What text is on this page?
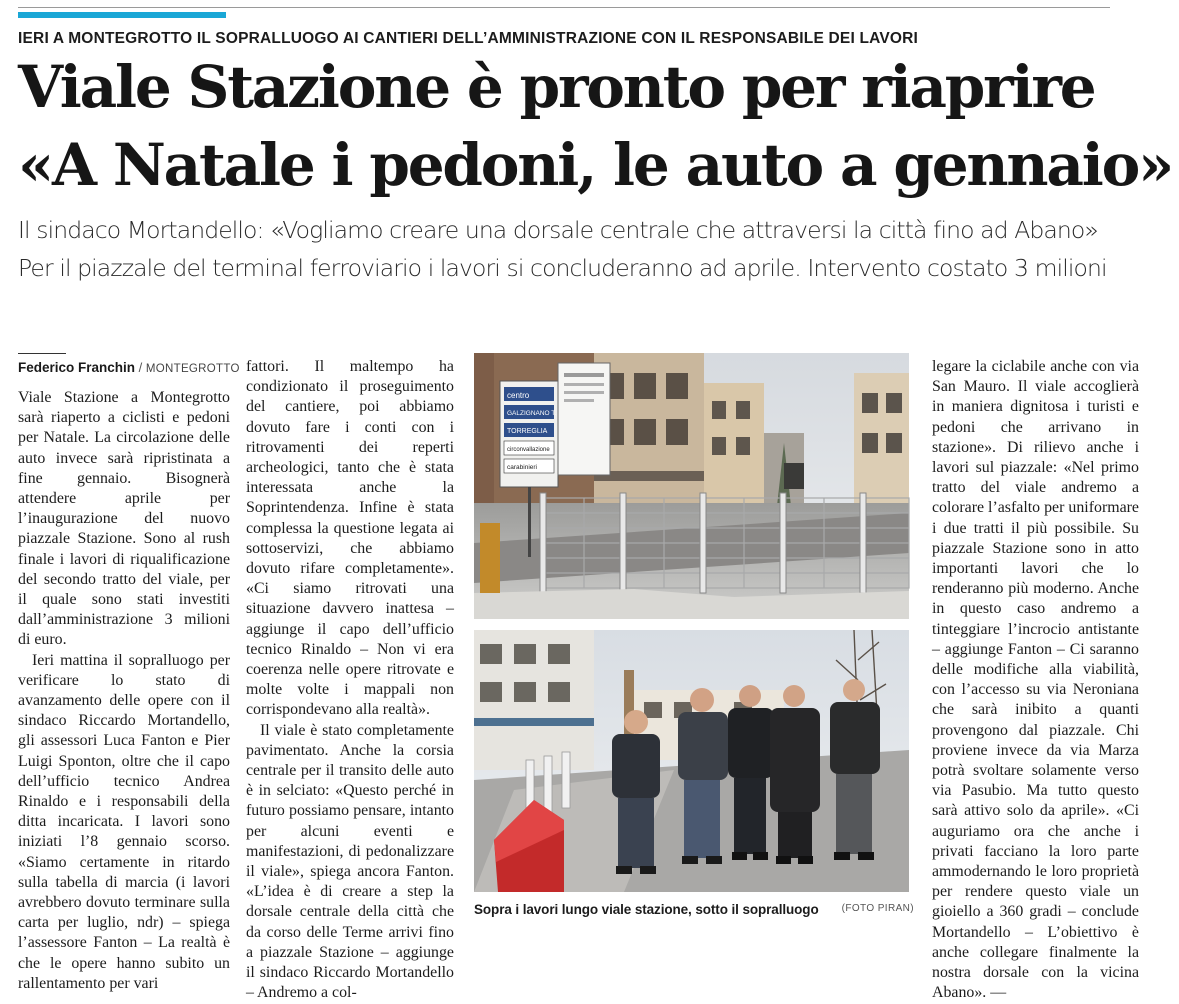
IERI A MONTEGROTTO IL SOPRALLUOGO AI CANTIERI DELL’AMMINISTRAZIONE CON IL RESPONSABILE DEI LAVORI
Viale Stazione è pronto per riaprire
«A Natale i pedoni, le auto a gennaio»
Il sindaco Mortandello: «Vogliamo creare una dorsale centrale che attraversi la città fino ad Abano»
Per il piazzale del terminal ferroviario i lavori si concluderanno ad aprile. Intervento costato 3 milioni
Federico Franchin / MONTEGROTTO

Viale Stazione a Montegrotto sarà riaperto a ciclisti e pedoni per Natale. La circolazione delle auto invece sarà ripristinata a fine gennaio. Bisognerà attendere aprile per l’inaugurazione del nuovo piazzale Stazione. Sono al rush finale i lavori di riqualificazione del secondo tratto del viale, per il quale sono stati investiti dall’amministrazione 3 milioni di euro.

Ieri mattina il sopralluogo per verificare lo stato di avanzamento delle opere con il sindaco Riccardo Mortandello, gli assessori Luca Fanton e Pier Luigi Sponton, oltre che il capo dell’ufficio tecnico Andrea Rinaldo e i responsabili della ditta incaricata. I lavori sono iniziati l’8 gennaio scorso. «Siamo certamente in ritardo sulla tabella di marcia (i lavori avrebbero dovuto terminare sulla carta per luglio, ndr) – spiega l’assessore Fanton – La realtà è che le opere hanno subito un rallentamento per vari

fattori. Il maltempo ha condizionato il proseguimento del cantiere, poi abbiamo dovuto fare i conti con i ritrovamenti dei reperti archeologici, tanto che è stata interessata anche la Soprintendenza. Infine è stata complessa la questione legata ai sottoservizi, che abbiamo dovuto rifare completamente». «Ci siamo ritrovati una situazione davvero inattesa – aggiunge il capo dell’ufficio tecnico Rinaldo – Non vi era coerenza nelle opere ritrovate e molte volte i mappali non corrispondevano alla realtà».

Il viale è stato completamente pavimentato. Anche la corsia centrale per il transito delle auto è in selciato: «Questo perché in futuro possiamo pensare, intanto per alcuni eventi e manifestazioni, di pedonalizzare il viale», spiega ancora Fanton. «L’idea è di creare a step la dorsale centrale della città che da corso delle Terme arrivi fino a piazzale Stazione – aggiunge il sindaco Riccardo Mortandello – Andremo a col-

legare la ciclabile anche con via San Mauro. Il viale accoglierà in maniera dignitosa i turisti e pedoni che arrivano in stazione». Di rilievo anche i lavori sul piazzale: «Nel primo tratto del viale andremo a colorare l’asfalto per uniformare i due tratti il più possibile. Su piazzale Stazione sono in atto importanti lavori che lo renderanno più moderno. Anche in questo caso andremo a tinteggiare l’incrocio antistante – aggiunge Fanton – Ci saranno delle modifiche alla viabilità, con l’accesso su via Neroniana che sarà inibito a quanti provengono dal piazzale. Chi proviene invece da via Marza potrà svoltare solamente verso via Pasubio. Ma tutto questo sarà attivo solo da aprile». «Ci auguriamo ora che anche i privati facciano la loro parte ammodernando le loro proprietà per rendere questo viale un gioiello a 360 gradi – conclude Mortandello – L’obiettivo è anche collegare finalmente la nostra dorsale con la vicina Abano». —

centro
GALZIGNANO T.
TORREGLIA
circonvallazione
carabinieri
Sopra i lavori lungo viale stazione, sotto il sopralluogo (FOTO PIRAN)
